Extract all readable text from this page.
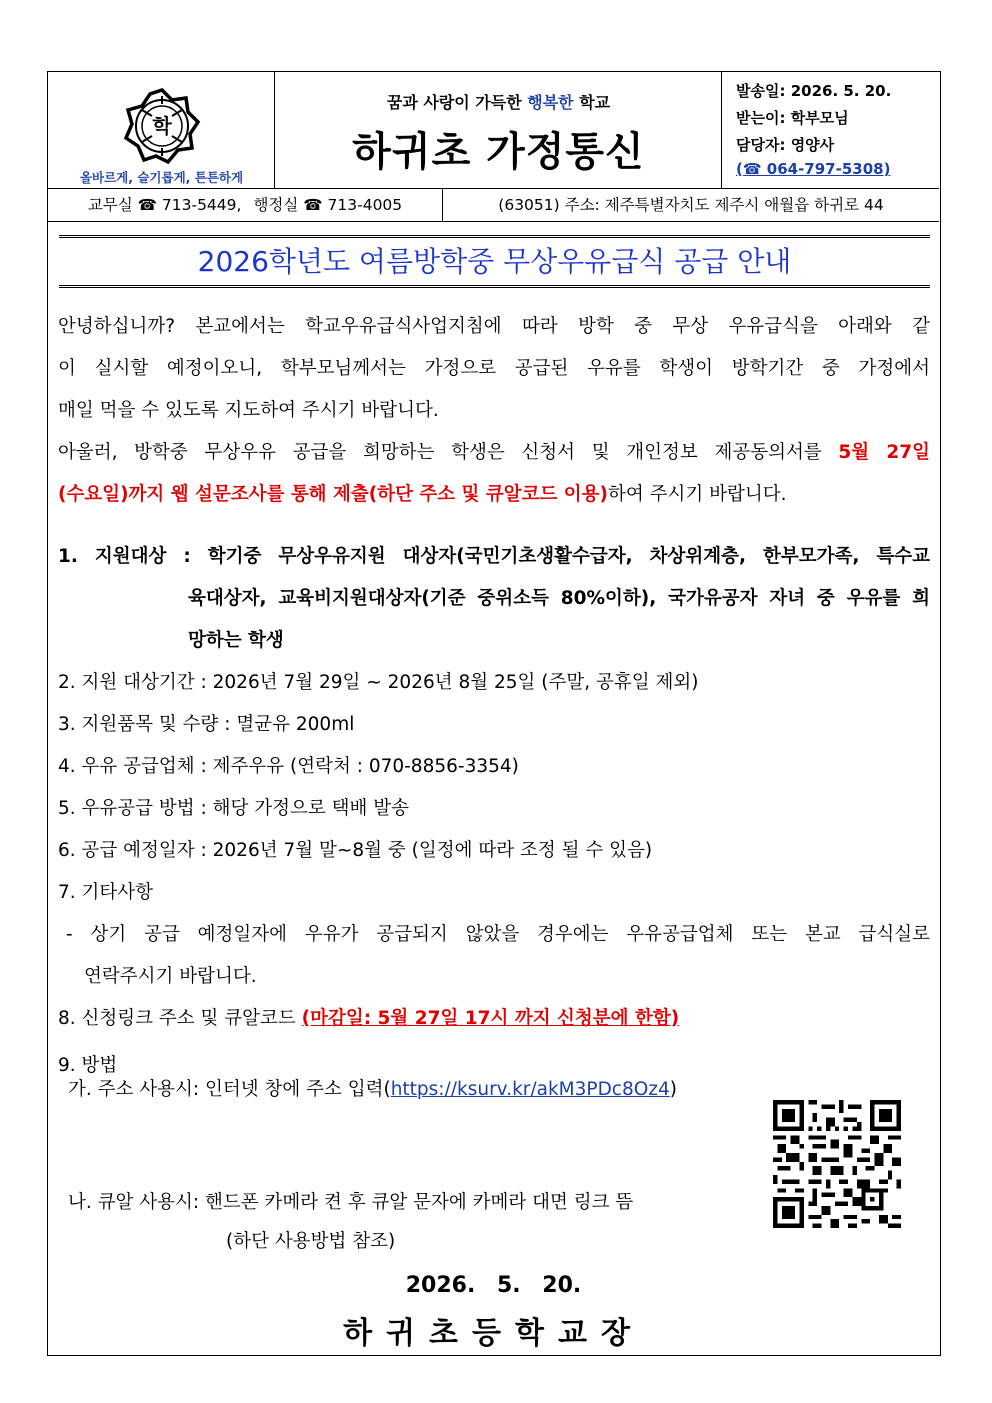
학
올바르게, 슬기롭게, 튼튼하게
꿈과 사랑이 가득한 행복한 학교
하귀초 가정통신
발송일: 2026. 5. 20.
받는이: 학부모님
담당자: 영양사
(☎ 064-797-5308)
교무실 ☎ 713-5449, 행정실 ☎ 713-4005	(63051) 주소: 제주특별자치도 제주시 애월읍 하귀로 44
2026학년도 여름방학중 무상우유급식 공급 안내
안녕하십니까? 본교에서는 학교우유급식사업지침에 따라 방학 중 무상 우유급식을 아래와 같
이 실시할 예정이오니, 학부모님께서는 가정으로 공급된 우유를 학생이 방학기간 중 가정에서
매일 먹을 수 있도록 지도하여 주시기 바랍니다.
아울러, 방학중 무상우유 공급을 희망하는 학생은 신청서 및 개인정보 제공동의서를 5월 27일
(수요일)까지 웹 설문조사를 통해 제출(하단 주소 및 큐알코드 이용)하여 주시기 바랍니다.
1. 지원대상 : 학기중 무상우유지원 대상자(국민기초생활수급자, 차상위계층, 한부모가족, 특수교
육대상자, 교육비지원대상자(기준 중위소득 80%이하), 국가유공자 자녀 중 우유를 희
망하는 학생
2. 지원 대상기간 : 2026년 7월 29일 ~ 2026년 8월 25일 (주말, 공휴일 제외)
3. 지원품목 및 수량 : 멸균유 200ml
4. 우유 공급업체 : 제주우유 (연락처 : 070-8856-3354)
5. 우유공급 방법 : 해당 가정으로 택배 발송
6. 공급 예정일자 : 2026년 7월 말~8월 중 (일정에 따라 조정 될 수 있음)
7. 기타사항
- 상기 공급 예정일자에 우유가 공급되지 않았을 경우에는 우유공급업체 또는 본교 급식실로
연락주시기 바랍니다.
8. 신청링크 주소 및 큐알코드 (마감일: 5월 27일 17시 까지 신청분에 한함)
9. 방법
가. 주소 사용시: 인터넷 창에 주소 입력(https://ksurv.kr/akM3PDc8Oz4)
나. 큐알 사용시: 핸드폰 카메라 켠 후 큐알 문자에 카메라 대면 링크 뜸
(하단 사용방법 참조)
2026. 5. 20.
하귀초등학교장
